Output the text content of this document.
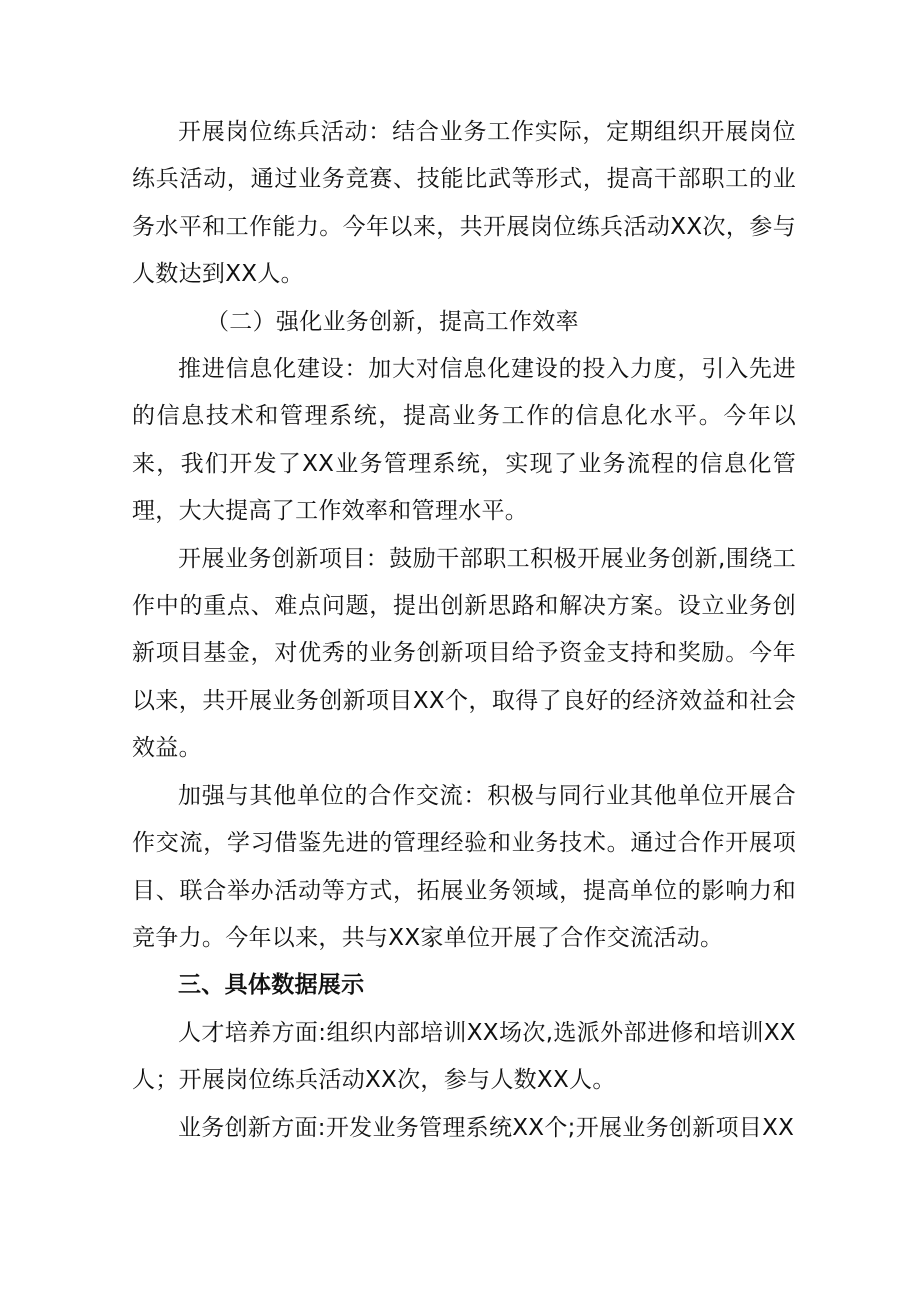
开展岗位练兵活动：结合业务工作实际，定期组织开展岗位练兵活动，通过业务竞赛、技能比武等形式，提高干部职工的业务水平和工作能力。今年以来，共开展岗位练兵活动XX次，参与人数达到XX人。

（二）强化业务创新，提高工作效率

推进信息化建设：加大对信息化建设的投入力度，引入先进的信息技术和管理系统，提高业务工作的信息化水平。今年以来，我们开发了XX业务管理系统，实现了业务流程的信息化管理，大大提高了工作效率和管理水平。

开展业务创新项目：鼓励干部职工积极开展业务创新,围绕工作中的重点、难点问题，提出创新思路和解决方案。设立业务创新项目基金，对优秀的业务创新项目给予资金支持和奖励。今年以来，共开展业务创新项目XX个，取得了良好的经济效益和社会效益。

加强与其他单位的合作交流：积极与同行业其他单位开展合作交流，学习借鉴先进的管理经验和业务技术。通过合作开展项目、联合举办活动等方式，拓展业务领域，提高单位的影响力和竞争力。今年以来，共与XX家单位开展了合作交流活动。

三、具体数据展示

人才培养方面:组织内部培训XX场次,选派外部进修和培训XX人；开展岗位练兵活动XX次，参与人数XX人。

业务创新方面:开发业务管理系统XX个;开展业务创新项目XX
